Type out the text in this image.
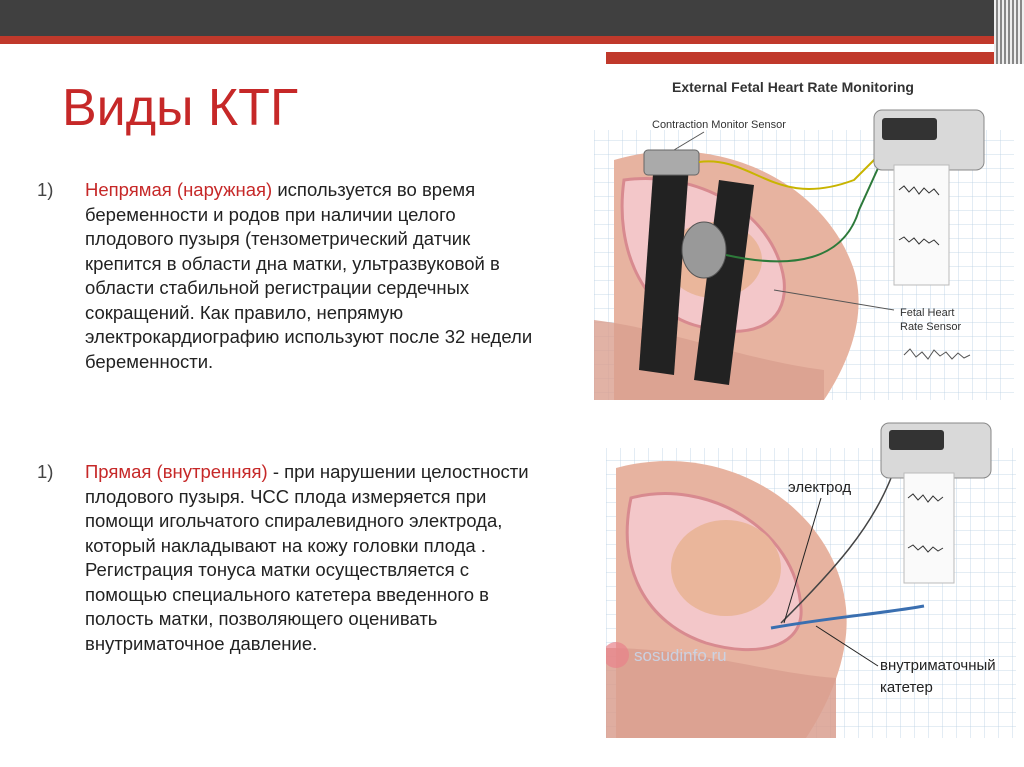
Виды КТГ
1) Непрямая (наружная) используется во время беременности и родов при наличии целого плодового пузыря (тензометрический датчик крепится в области дна матки, ультразвуковой в области стабильной регистрации сердечных сокращений. Как правило, непрямую электрокардиографию используют после 32 недели беременности.
1) Прямая (внутренняя) - при нарушении целостности плодового пузыря. ЧСС плода измеряется при помощи игольчатого спиралевидного электрода, который накладывают на кожу головки плода . Регистрация тонуса матки осуществляется с помощью специального катетера введенного в полость матки, позволяющего оценивать внутриматочное давление.
External Fetal Heart Rate Monitoring
Contraction Monitor Sensor
Fetal Heart
Rate Sensor
электрод
внутриматочный
катетер
sosudinfo.ru
